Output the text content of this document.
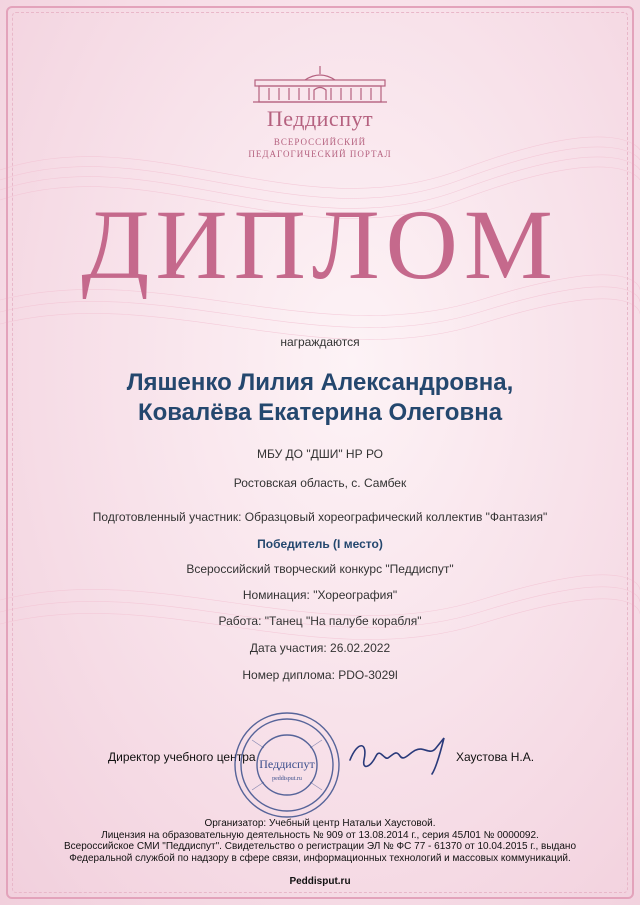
Педдиспут
ВСЕРОССИЙСКИЙ
ПЕДАГОГИЧЕСКИЙ ПОРТАЛ
ДИПЛОМ
награждаются
Ляшенко Лилия Александровна,
Ковалёва Екатерина Олеговна
МБУ ДО "ДШИ" НР РО
Ростовская область, с. Самбек
Подготовленный участник: Образцовый хореографический коллектив "Фантазия"
Победитель (I место)
Всероссийский творческий конкурс "Педдиспут"
Номинация: "Хореография"
Работа: "Танец "На палубе корабля"
Дата участия: 26.02.2022
Номер диплома: PDO-3029l
Директор учебного центра Педдиспут
peddisput.ru
Хаустова Н.А.
Организатор: Учебный центр Натальи Хаустовой.
Лицензия на образовательную деятельность № 909 от 13.08.2014 г., серия 45Л01 № 0000092.
Всероссийское СМИ "Педдиспут". Свидетельство о регистрации ЭЛ № ФС 77 - 61370 от 10.04.2015 г., выдано
Федеральной службой по надзору в сфере связи, информационных технологий и массовых коммуникаций.
Peddisput.ru
